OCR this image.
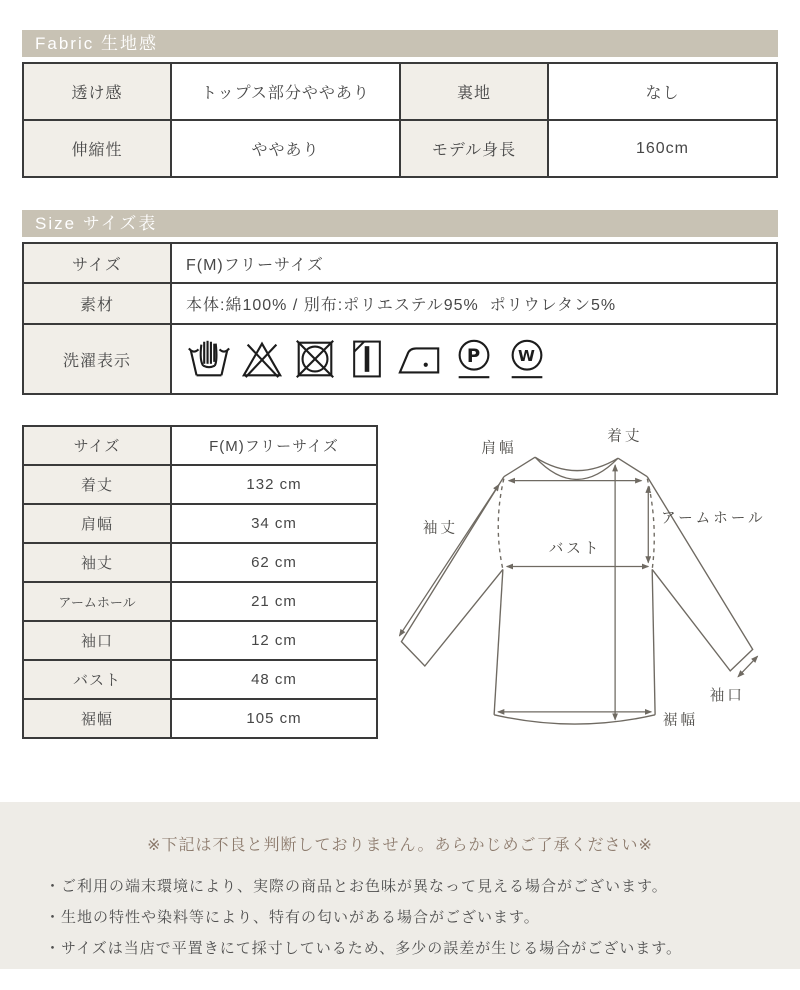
Fabric 生地感
透け感	トップス部分ややあり	裏地	なし
伸縮性	ややあり	モデル身長	160cm
Size サイズ表
サイズ	F(M)フリーサイズ
素材	本体:綿100% / 別布:ポリエステル95%  ポリウレタン5%
洗濯表示	P W
サイズ	F(M)フリーサイズ
着丈	132 cm
肩幅	34 cm
袖丈	62 cm
アームホール	21 cm
袖口	12 cm
バスト	48 cm
裾幅	105 cm
肩幅
着丈
袖丈
バスト
アームホール
袖口
裾幅

※下記は不良と判断しておりません。あらかじめご了承ください※

・ご利用の端末環境により、実際の商品とお色味が異なって見える場合がございます。
・生地の特性や染料等により、特有の匂いがある場合がございます。
・サイズは当店で平置きにて採寸しているため、多少の誤差が生じる場合がございます。
